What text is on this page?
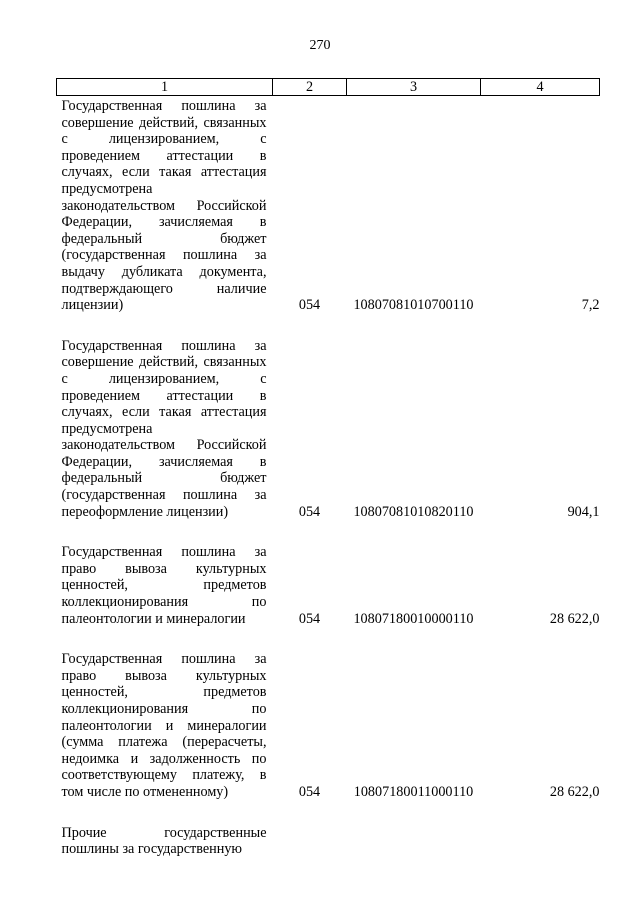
270
1	2	3	4
Государственная пошлина за совершение действий, связанных с лицензированием, с проведением аттестации в случаях, если такая аттестация предусмотрена законодательством Российской Федерации, зачисляемая в федеральный бюджет (государственная пошлина за выдачу дубликата документа, подтверждающего наличие лицензии)	054	10807081010700110	7,2

Государственная пошлина за совершение действий, связанных с лицензированием, с проведением аттестации в случаях, если такая аттестация предусмотрена законодательством Российской Федерации, зачисляемая в федеральный бюджет (государственная пошлина за переоформление лицензии)	054	10807081010820110	904,1

Государственная пошлина за право вывоза культурных ценностей, предметов коллекционирования по палеонтологии и минералогии	054	10807180010000110	28 622,0

Государственная пошлина за право вывоза культурных ценностей, предметов коллекционирования по палеонтологии и минералогии (сумма платежа (перерасчеты, недоимка и задолженность по соответствующему платежу, в том числе по отмененному)	054	10807180011000110	28 622,0

Прочие государственные пошлины за государственную			
